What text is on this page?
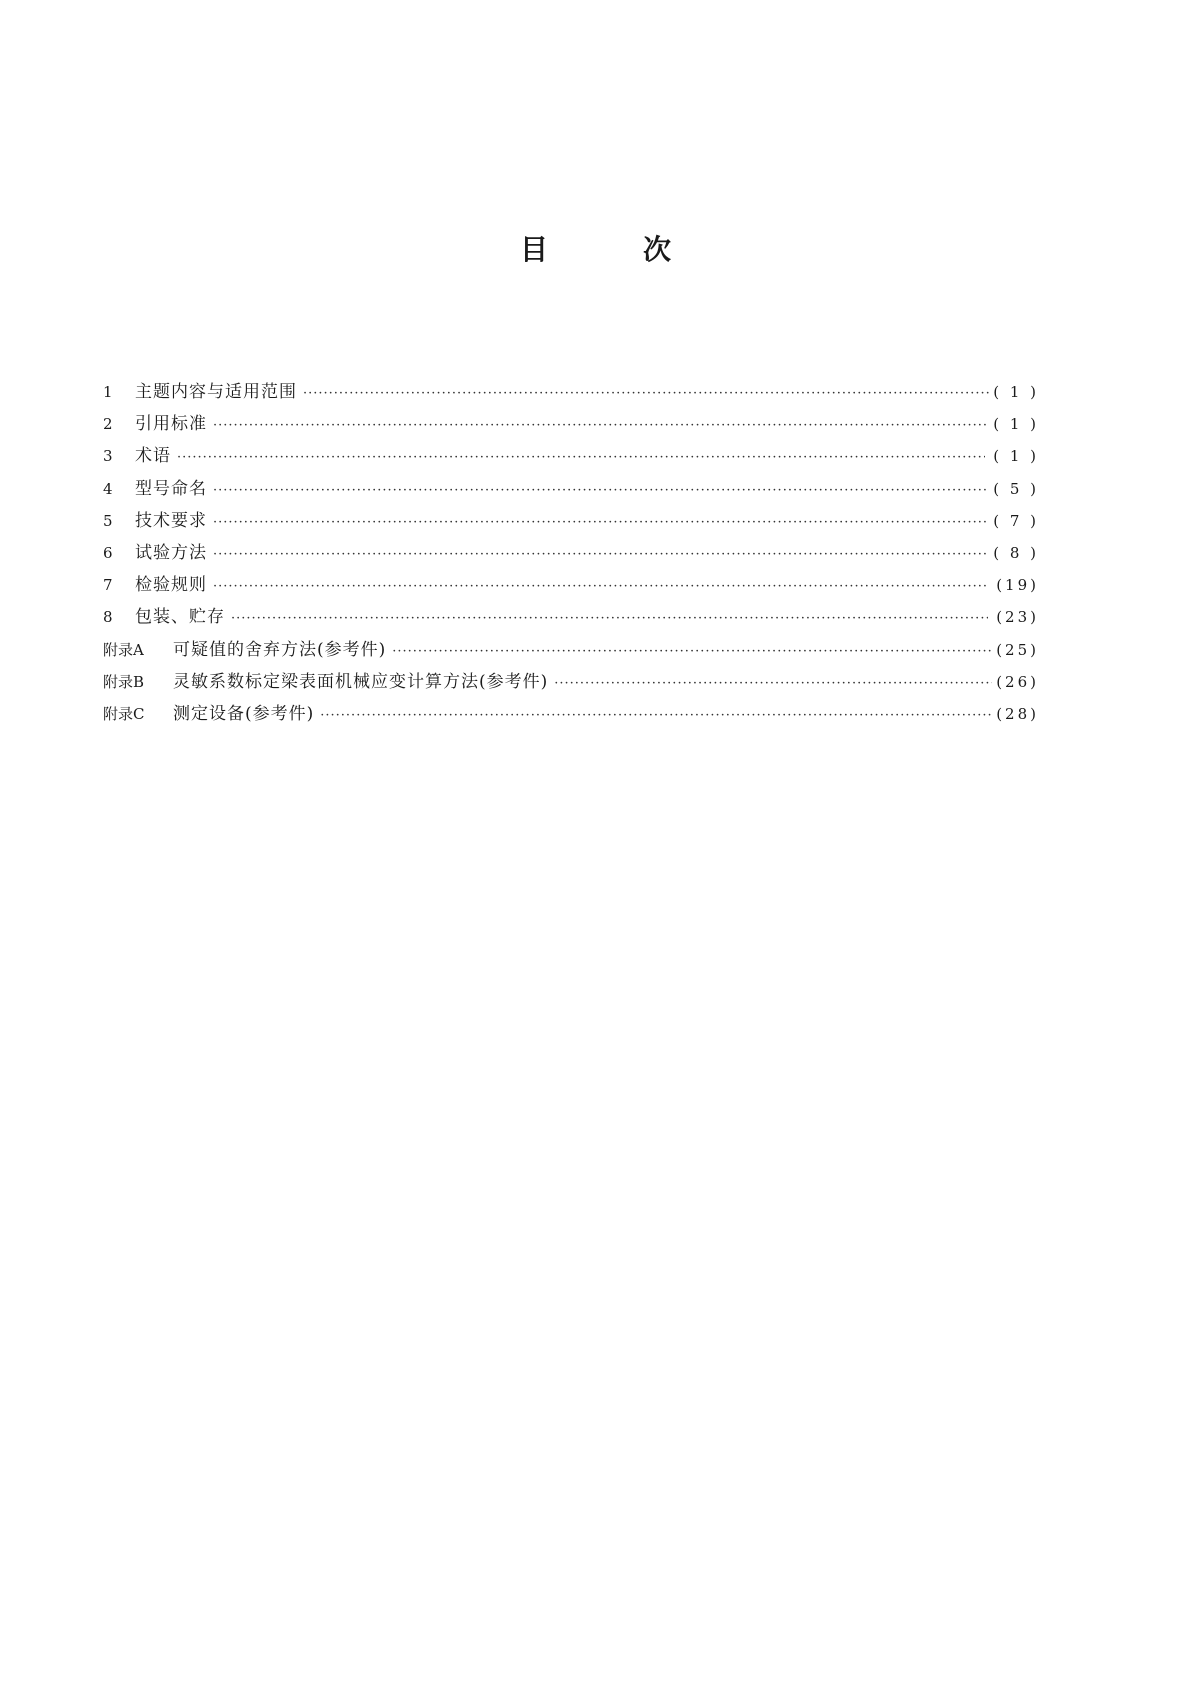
目	次
1	主题内容与适用范围 ·····	( 1 )
2	引用标准 ·····	( 1 )
3	术语 ·····	( 1 )
4	型号命名 ·····	( 5 )
5	技术要求 ·····	( 7 )
6	试验方法 ·····	( 8 )
7	检验规则 ·····	(19)
8	包装、贮存 ·····	(23)
附录A	可疑值的舍弃方法(参考件) ·····	(25)
附录B	灵敏系数标定梁表面机械应变计算方法(参考件) ·····	(26)
附录C	测定设备(参考件) ·····	(28)
